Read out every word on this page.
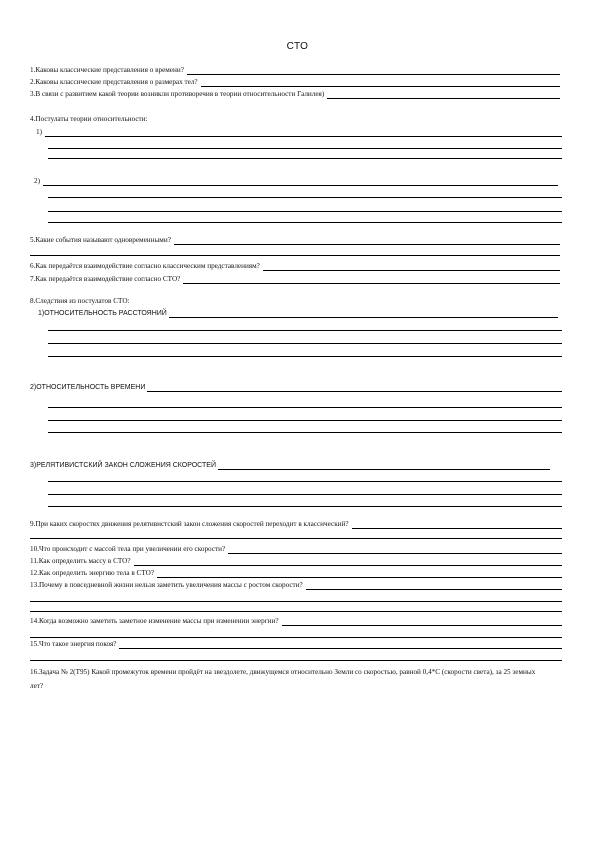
СТО
1.Каковы классические представления о времени?
2.Каковы классические представления о размерах тел?
3.В связи с развитием какой теории возникли противоречия в теории относительности Галилея)
4.Постулаты теории относительности:
1)
2)
5.Какие события называют одновременными?
6.Как передаётся взаимодействие согласно классическим представлениям?
7.Как передаётся взаимодействие согласно СТО?
8.Следствия из постулатов СТО:
1)ОТНОСИТЕЛЬНОСТЬ РАССТОЯНИЙ
2)ОТНОСИТЕЛЬНОСТЬ ВРЕМЕНИ
3)РЕЛЯТИВИСТСКИЙ ЗАКОН СЛОЖЕНИЯ СКОРОСТЕЙ
9.При каких скоростях движения релятивистский закон сложения скоростей переходит в классический?
10.Что происходит с массой тела при увеличении его скорости?
11.Как определить массу в СТО?
12.Как определить энергию тела в СТО?
13.Почему в повседневной жизни нельзя заметить увеличения массы с ростом скорости?
14.Когда возможно заметить заметное изменение массы при изменении энергии?
15.Что такое энергия покоя?
16.Задача № 2(Т95) Какой промежуток времени пройдёт на звездолете, движущемся относительно Земли со скоростью, равной 0,4*С (скорости света), за 25 земных лет?
